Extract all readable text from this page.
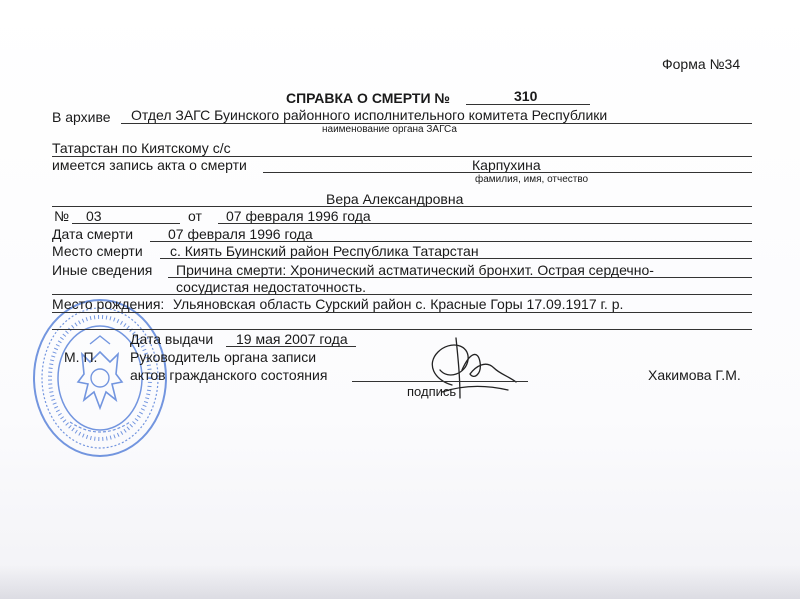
Форма №34
СПРАВКА О СМЕРТИ №	310
В архиве Отдел ЗАГС Буинского районного исполнительного комитета Республики
наименование органа ЗАГСа
Татарстан по Киятскому с/с
имеется запись акта о смерти	Карпухина
фамилия, имя, отчество
Вера Александровна
№ 03	от 07 февраля 1996 года
Дата смерти 07 февраля 1996 года
Место смерти с. Киять Буинский район Республика Татарстан
Иные сведения Причина смерти: Хронический астматический бронхит. Острая сердечно-
сосудистая недостаточность.
Место рождения: Ульяновская область Сурский район с. Красные Горы 17.09.1917 г. р.
Дата выдачи 19 мая 2007 года
М. П. Руководитель органа записи
актов гражданского состояния
подпись
Хакимова Г.М.
